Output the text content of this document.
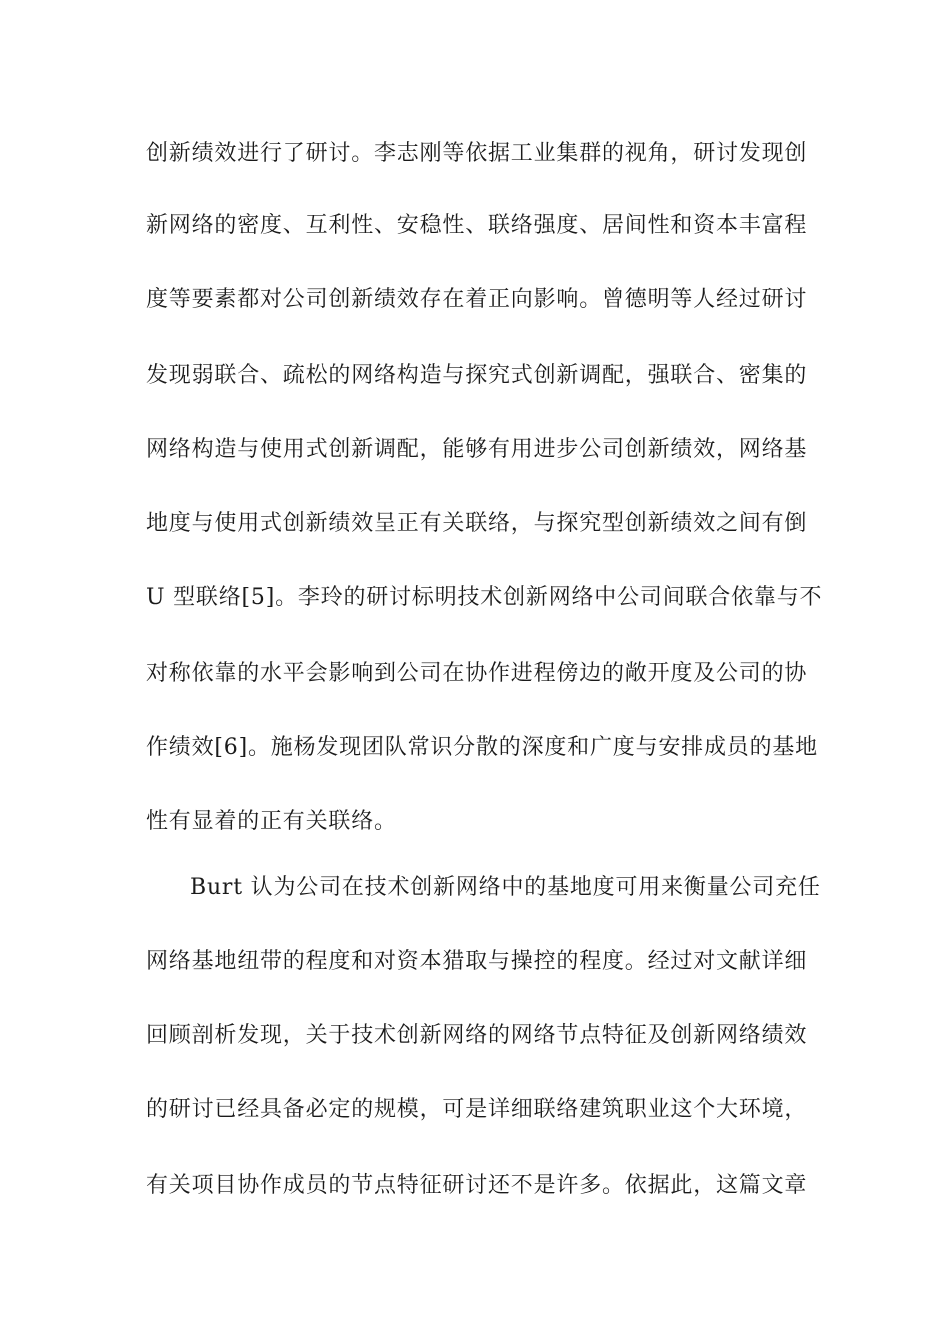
创新绩效进行了研讨。李志刚等依据工业集群的视角，研讨发现创
新网络的密度、互利性、安稳性、联络强度、居间性和资本丰富程
度等要素都对公司创新绩效存在着正向影响。曾德明等人经过研讨
发现弱联合、疏松的网络构造与探究式创新调配，强联合、密集的
网络构造与使用式创新调配，能够有用进步公司创新绩效，网络基
地度与使用式创新绩效呈正有关联络，与探究型创新绩效之间有倒
U 型联络[5]。李玲的研讨标明技术创新网络中公司间联合依靠与不
对称依靠的水平会影响到公司在协作进程傍边的敞开度及公司的协
作绩效[6]。施杨发现团队常识分散的深度和广度与安排成员的基地
性有显着的正有关联络。
Burt 认为公司在技术创新网络中的基地度可用来衡量公司充任
网络基地纽带的程度和对资本猎取与操控的程度。经过对文献详细
回顾剖析发现，关于技术创新网络的网络节点特征及创新网络绩效
的研讨已经具备必定的规模，可是详细联络建筑职业这个大环境，
有关项目协作成员的节点特征研讨还不是许多。依据此，这篇文章
